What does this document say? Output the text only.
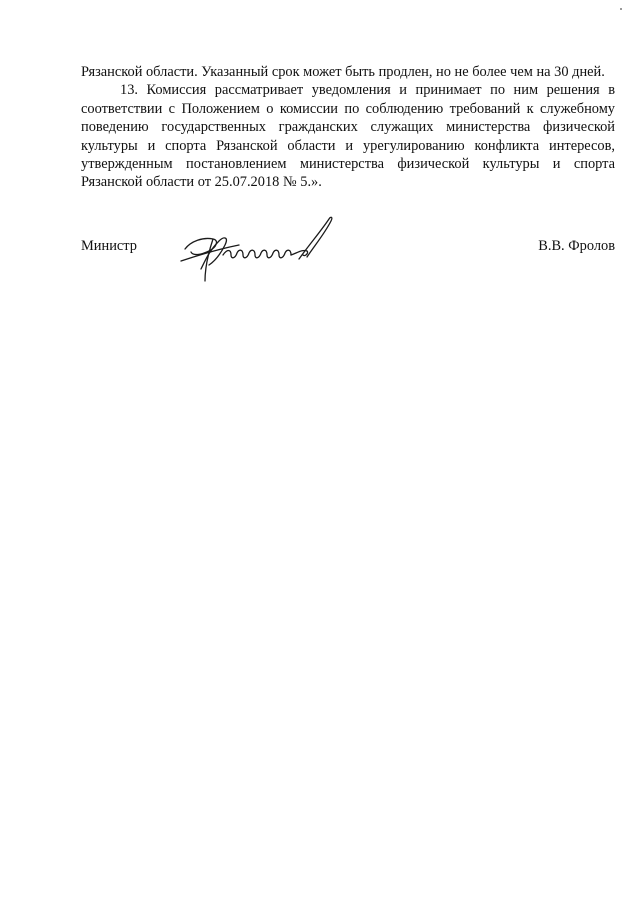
Рязанской области. Указанный срок может быть продлен, но не более чем на 30 дней.

13. Комиссия рассматривает уведомления и принимает по ним решения в соответствии с Положением о комиссии по соблюдению требований к служебному поведению государственных гражданских служащих министерства физической культуры и спорта Рязанской области и урегулированию конфликта интересов, утвержденным постановлением министерства физической культуры и спорта Рязанской области от 25.07.2018 № 5.».

Министр	В.В. Фролов
